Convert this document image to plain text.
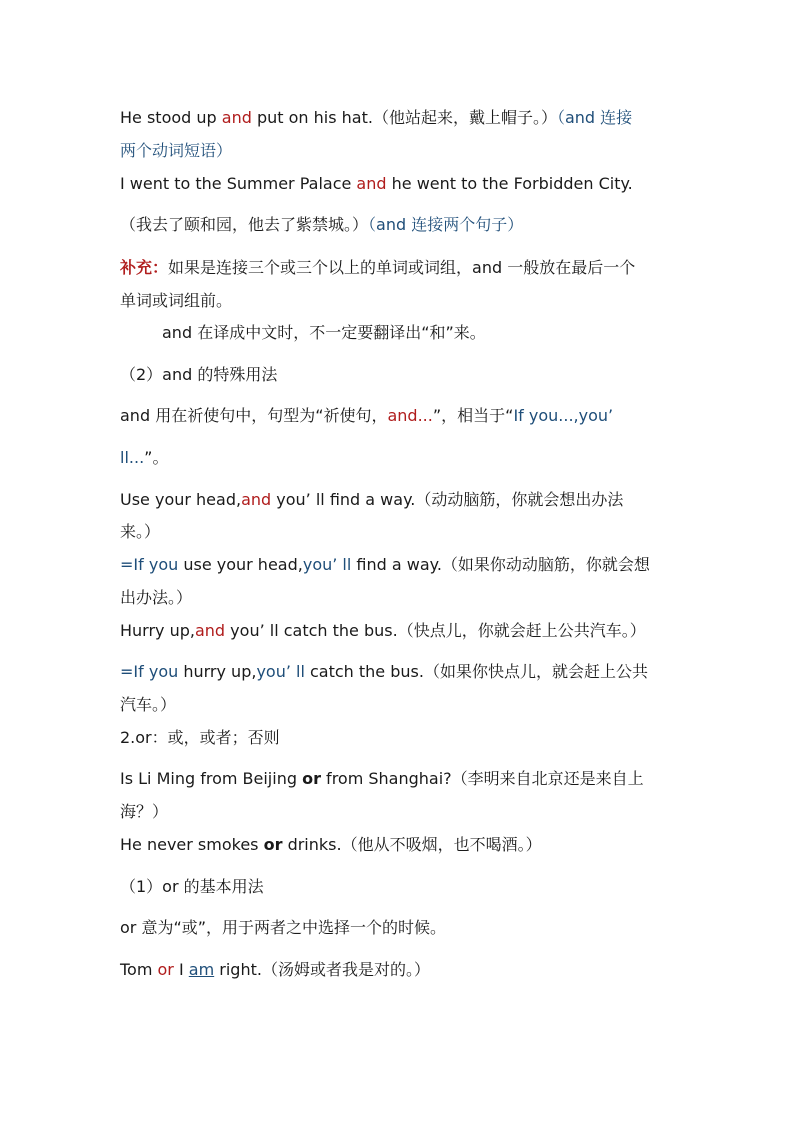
He stood up and put on his hat.（他站起来，戴上帽子。）（and 连接
两个动词短语）
I went to the Summer Palace and he went to the Forbidden City.
（我去了颐和园，他去了紫禁城。）（and 连接两个句子）
补充：如果是连接三个或三个以上的单词或词组，and 一般放在最后一个
单词或词组前。
and 在译成中文时，不一定要翻译出“和”来。
（2）and 的特殊用法
and 用在祈使句中，句型为“祈使句，and...”，相当于“If you...,you’
ll...”。
Use your head,and you’ ll find a way.（动动脑筋，你就会想出办法
来。）
=If you use your head,you’ ll find a way.（如果你动动脑筋，你就会想
出办法。）
Hurry up,and you’ ll catch the bus.（快点儿，你就会赶上公共汽车。）
=If you hurry up,you’ ll catch the bus.（如果你快点儿，就会赶上公共
汽车。）
2.or：或，或者；否则
Is Li Ming from Beijing or from Shanghai?（李明来自北京还是来自上
海？）
He never smokes or drinks.（他从不吸烟，也不喝酒。）
（1）or 的基本用法
or 意为“或”，用于两者之中选择一个的时候。
Tom or I am right.（汤姆或者我是对的。）
